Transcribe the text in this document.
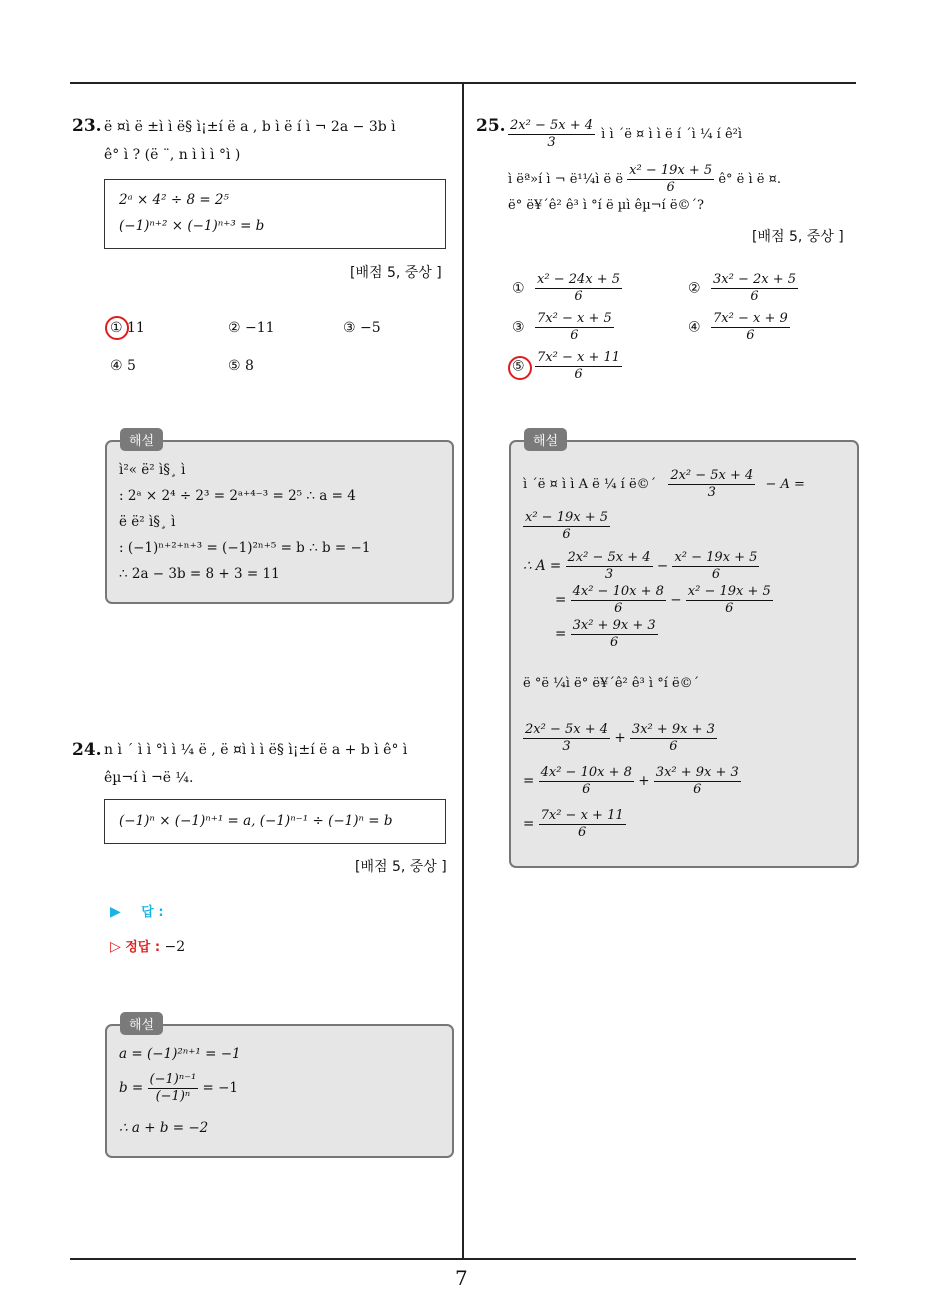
7
23. ë ¤ì ë ±ì ì ë§ ì¡±í ë a , b ì ë í ì ¬ 2a − 3b ì
ê° ì ? (ë ¨, n ì ì ì °ì )
2ᵃ × 4² ÷ 8 = 2⁵
(−1)ⁿ⁺² × (−1)ⁿ⁺³ = b
[배점 5, 중상 ]
① 11	② −11	③ −5
④ 5	⑤ 8
ì²« ë² ì§¸ ì
: 2ᵃ × 2⁴ ÷ 2³ = 2ᵃ⁺⁴⁻³ = 2⁵ ∴ a = 4
ë ë² ì§¸ ì
: (−1)ⁿ⁺²⁺ⁿ⁺³ = (−1)²ⁿ⁺⁵ = b ∴ b = −1
∴ 2a − 3b = 8 + 3 = 11
해설
24. n ì ´ ì ì °ì ì ¼ ë , ë ¤ì ì ì ë§ ì¡±í ë a + b ì ê° ì
êµ¬í ì ¬ë ¼.
(−1)ⁿ × (−1)ⁿ⁺¹ = a, (−1)ⁿ⁻¹ ÷ (−1)ⁿ = b
[배점 5, 중상 ]
▶ 답 :
▷ 정답 : −2
a = (−1)²ⁿ⁺¹ = −1
$b = \frac{\text{(−1)ⁿ⁻¹}}{\text{(−1)ⁿ}} = -1$
∴ a + b = −2
해설
25. $\frac{\text{2x² − 5x + 4}}{3}$ ì ì ´ë ¤ ì ì ë í ´ì ¼ í ê²ì
ì ëª»í ì ¬ ë¹¼ì ë ë $\frac{\text{x² − 19x + 5}}{6}$ ê° ë ì ë ¤.
ë° ë¥´ê² ê³ ì °í ë µì êµ¬í ë©´?
[배점 5, 중상 ]
① $\frac{\text{x² − 24x + 5}}{6}$	② $\frac{\text{3x² − 2x + 5}}{6}$
③ $\frac{\text{7x² − x + 5}}{6}$	④ $\frac{\text{7x² − x + 9}}{6}$
⑤ $\frac{\text{7x² − x + 11}}{6}$
ì ´ë ¤ ì ì A ë ¼ í ë©´ $\frac{\text{2x² − 5x + 4}}{3} - A$ =
$\frac{\text{x² − 19x + 5}}{6}$
∴ $A = \frac{\text{2x² − 5x + 4}}{3} - \frac{\text{x² − 19x + 5}}{6}$
= $\frac{\text{4x² − 10x + 8}}{6} - \frac{\text{x² − 19x + 5}}{6}$
= $\frac{\text{3x² + 9x + 3}}{6}$
ë °ë ¼ì ë° ë¥´ê² ê³ ì °í ë©´
$\frac{\text{2x² − 5x + 4}}{3} + \frac{\text{3x² + 9x + 3}}{6}$
= $\frac{\text{4x² − 10x + 8}}{6} + \frac{\text{3x² + 9x + 3}}{6}$
= $\frac{\text{7x² − x + 11}}{6}$
해설
